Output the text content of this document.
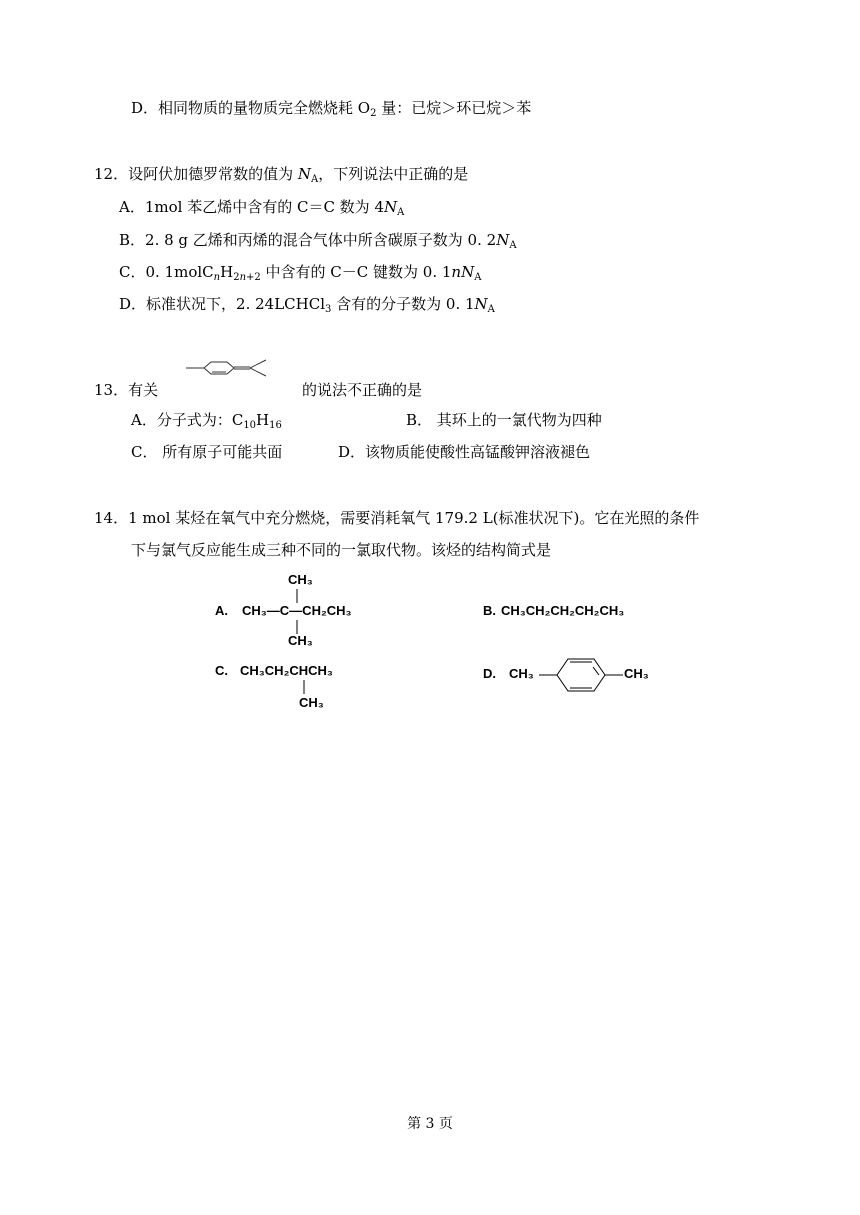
D．相同物质的量物质完全燃烧耗 $O_2$ 量：已烷＞环已烷＞苯
12．设阿伏加德罗常数的值为 $N_A$，下列说法中正确的是
A．1mol 苯乙烯中含有的 C＝C 数为 $4N_A$
B．2. 8 g 乙烯和丙烯的混合气体中所含碳原子数为 0. $2N_A$
C．0. $1molC_nH_{2n+2}$ 中含有的 C－C 键数为 0. $1nN_A$
D．标准状况下，2. 24LCHCl$_3$ 含有的分子数为 0. $1N_A$
13．有关	的说法不正确的是
A．分子式为：$C_{10}H_{16}$	B． 其环上的一氯代物为四种
C． 所有原子可能共面	D．该物质能使酸性高锰酸钾溶液褪色
14．1 mol 某烃在氧气中充分燃烧，需要消耗氧气 179.2 L(标准状况下)。它在光照的条件
下与氯气反应能生成三种不同的一氯取代物。该烃的结构简式是
CH₃
A. CH₃—C—CH₂CH₃
CH₃
B. CH₃CH₂CH₂CH₂CH₃
C. CH₃CH₂CHCH₃
CH₃
D. CH₃	CH₃
第 3 页
